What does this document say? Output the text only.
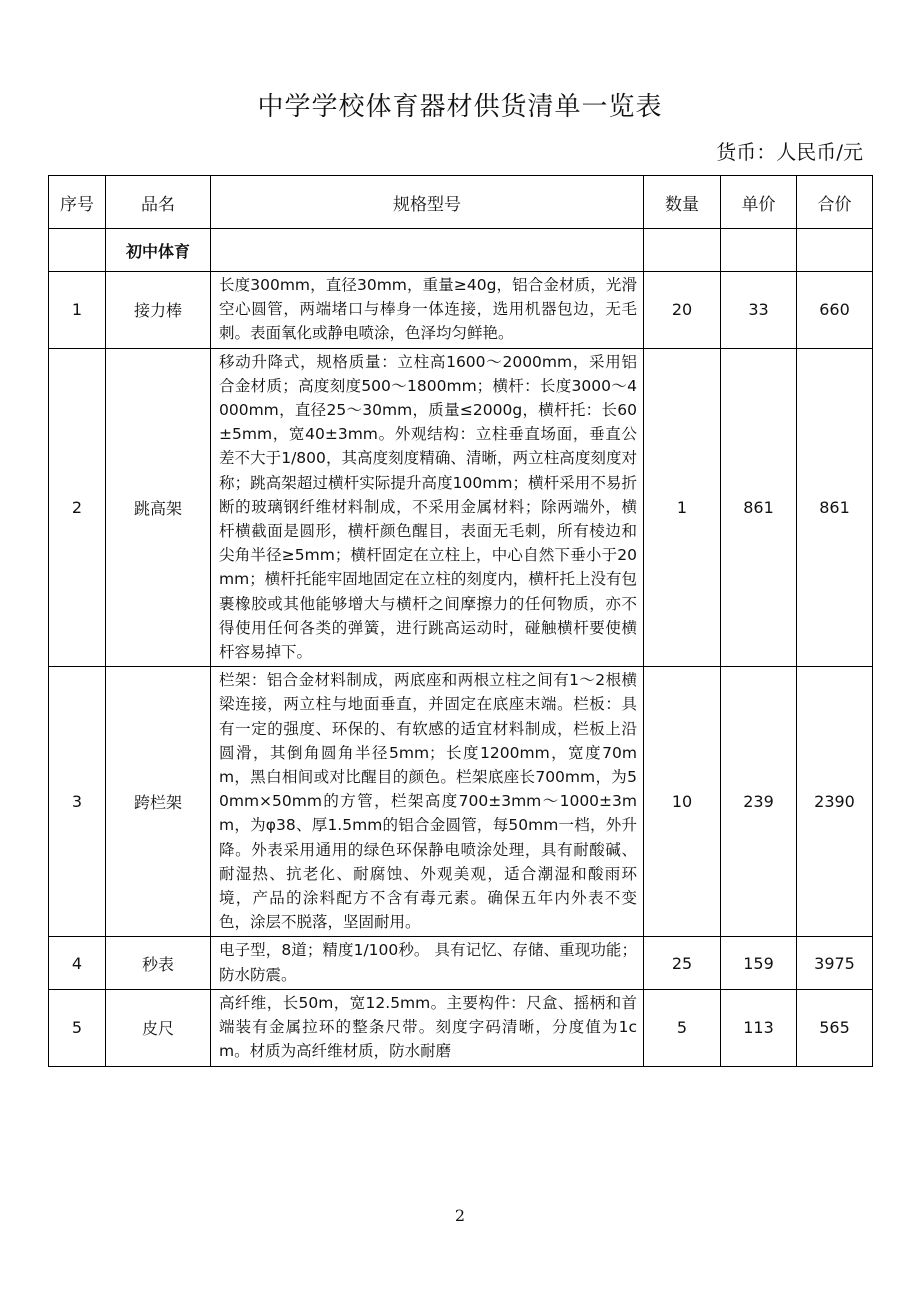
中学学校体育器材供货清单一览表
货币：人民币/元
序号	品名	规格型号	数量	单价	合价
	初中体育				
1	接力棒	长度300mm，直径30mm，重量≥40g，铝合金材质，光滑空心圆管，两端堵口与棒身一体连接，选用机器包边，无毛刺。表面氧化或静电喷涂，色泽均匀鲜艳。	20	33	660
2	跳高架	移动升降式，规格质量：立柱高1600～2000mm，采用铝合金材质；高度刻度500～1800mm；横杆：长度3000～4000mm，直径25～30mm，质量≤2000g，横杆托：长60±5mm，宽40±3mm。外观结构：立柱垂直场面，垂直公差不大于1/800，其高度刻度精确、清晰，两立柱高度刻度对称；跳高架超过横杆实际提升高度100mm；横杆采用不易折断的玻璃钢纤维材料制成，不采用金属材料；除两端外，横杆横截面是圆形，横杆颜色醒目，表面无毛刺，所有棱边和尖角半径≥5mm；横杆固定在立柱上，中心自然下垂小于20mm；横杆托能牢固地固定在立柱的刻度内，横杆托上没有包裹橡胶或其他能够增大与横杆之间摩擦力的任何物质，亦不得使用任何各类的弹簧，进行跳高运动时，碰触横杆要使横杆容易掉下。	1	861	861
3	跨栏架	栏架：铝合金材料制成，两底座和两根立柱之间有1～2根横梁连接，两立柱与地面垂直，并固定在底座末端。栏板：具有一定的强度、环保的、有软感的适宜材料制成，栏板上沿圆滑，其倒角圆角半径5mm；长度1200mm，宽度70mm，黑白相间或对比醒目的颜色。栏架底座长700mm，为50mm×50mm的方管，栏架高度700±3mm～1000±3mm，为φ38、厚1.5mm的铝合金圆管，每50mm一档，外升降。外表采用通用的绿色环保静电喷涂处理，具有耐酸碱、耐湿热、抗老化、耐腐蚀、外观美观，适合潮湿和酸雨环境，产品的涂料配方不含有毒元素。确保五年内外表不变色，涂层不脱落，坚固耐用。	10	239	2390
4	秒表	电子型，8道；精度1/100秒。 具有记忆、存储、重现功能；防水防震。	25	159	3975
5	皮尺	高纤维，长50m，宽12.5mm。主要构件：尺盒、摇柄和首端装有金属拉环的整条尺带。刻度字码清晰，分度值为1cm。材质为高纤维材质，防水耐磨	5	113	565
2
